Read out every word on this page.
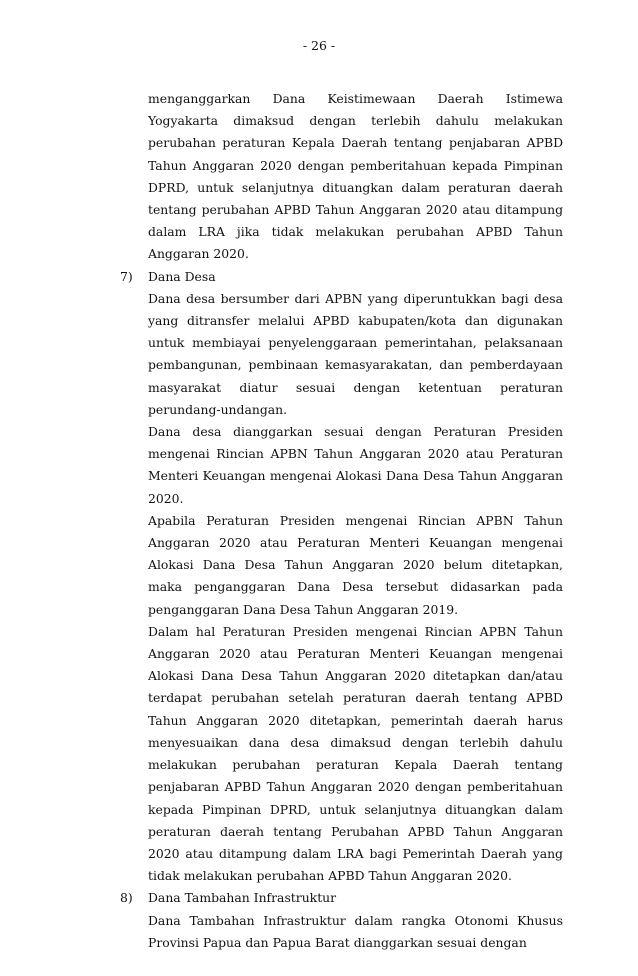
- 26 -

menganggarkan Dana Keistimewaan Daerah Istimewa Yogyakarta dimaksud dengan terlebih dahulu melakukan perubahan peraturan Kepala Daerah tentang penjabaran APBD Tahun Anggaran 2020 dengan pemberitahuan kepada Pimpinan DPRD, untuk selanjutnya dituangkan dalam peraturan daerah tentang perubahan APBD Tahun Anggaran 2020 atau ditampung dalam LRA jika tidak melakukan perubahan APBD Tahun Anggaran 2020.

7) Dana Desa

Dana desa bersumber dari APBN yang diperuntukkan bagi desa yang ditransfer melalui APBD kabupaten/kota dan digunakan untuk membiayai penyelenggaraan pemerintahan, pelaksanaan pembangunan, pembinaan kemasyarakatan, dan pemberdayaan masyarakat diatur sesuai dengan ketentuan peraturan perundang-undangan.

Dana desa dianggarkan sesuai dengan Peraturan Presiden mengenai Rincian APBN Tahun Anggaran 2020 atau Peraturan Menteri Keuangan mengenai Alokasi Dana Desa Tahun Anggaran 2020.

Apabila Peraturan Presiden mengenai Rincian APBN Tahun Anggaran 2020 atau Peraturan Menteri Keuangan mengenai Alokasi Dana Desa Tahun Anggaran 2020 belum ditetapkan, maka penganggaran Dana Desa tersebut didasarkan pada penganggaran Dana Desa Tahun Anggaran 2019.

Dalam hal Peraturan Presiden mengenai Rincian APBN Tahun Anggaran 2020 atau Peraturan Menteri Keuangan mengenai Alokasi Dana Desa Tahun Anggaran 2020 ditetapkan dan/atau terdapat perubahan setelah peraturan daerah tentang APBD Tahun Anggaran 2020 ditetapkan, pemerintah daerah harus menyesuaikan dana desa dimaksud dengan terlebih dahulu melakukan perubahan peraturan Kepala Daerah tentang penjabaran APBD Tahun Anggaran 2020 dengan pemberitahuan kepada Pimpinan DPRD, untuk selanjutnya dituangkan dalam peraturan daerah tentang Perubahan APBD Tahun Anggaran 2020 atau ditampung dalam LRA bagi Pemerintah Daerah yang tidak melakukan perubahan APBD Tahun Anggaran 2020.

8) Dana Tambahan Infrastruktur

Dana Tambahan Infrastruktur dalam rangka Otonomi Khusus Provinsi Papua dan Papua Barat dianggarkan sesuai dengan
